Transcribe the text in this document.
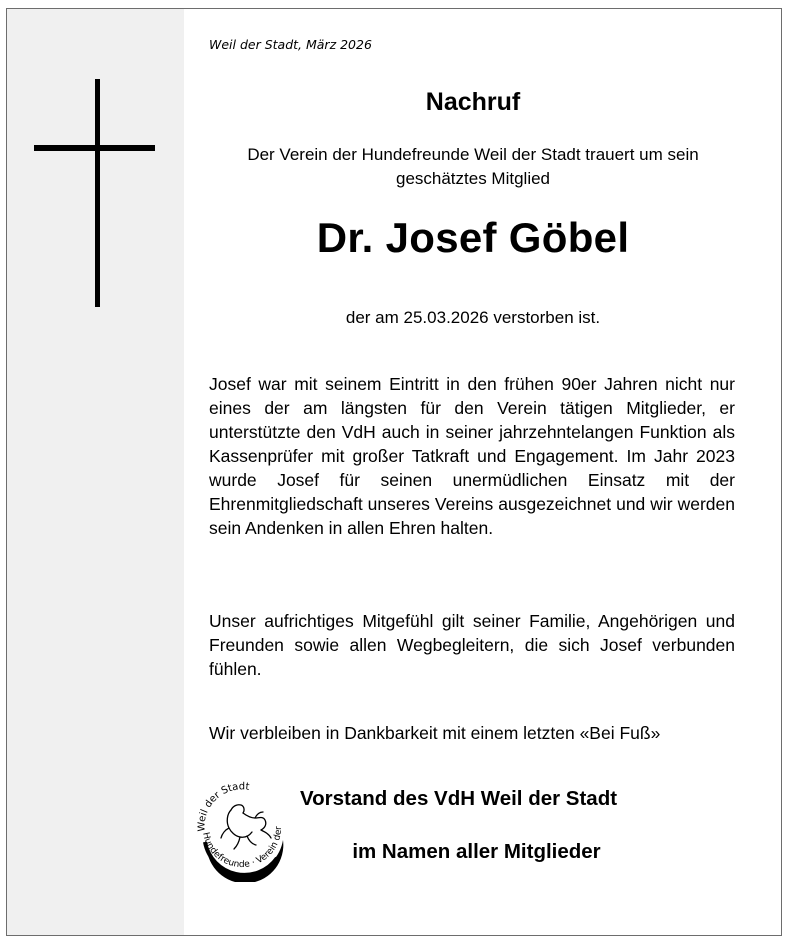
Weil der Stadt, März 2026
Nachruf
Der Verein der Hundefreunde Weil der Stadt trauert um sein geschätztes Mitglied
Dr. Josef Göbel
der am 25.03.2026 verstorben ist.
Josef war mit seinem Eintritt in den frühen 90er Jahren nicht nur eines der am längsten für den Verein tätigen Mitglieder, er unterstützte den VdH auch in seiner jahrzehntelangen Funktion als Kassenprüfer mit großer Tatkraft und Engagement. Im Jahr 2023 wurde Josef für seinen unermüdlichen Einsatz mit der Ehrenmitgliedschaft unseres Vereins ausgezeichnet und wir werden sein Andenken in allen Ehren halten.
Unser aufrichtiges Mitgefühl gilt seiner Familie, Angehörigen und Freunden sowie allen Wegbegleitern, die sich Josef verbunden fühlen.
Wir verbleiben in Dankbarkeit mit einem letzten «Bei Fuß»
Weil der Stadt
Hundefreunde · Verein der
Vorstand des VdH Weil der Stadt
im Namen aller Mitglieder
